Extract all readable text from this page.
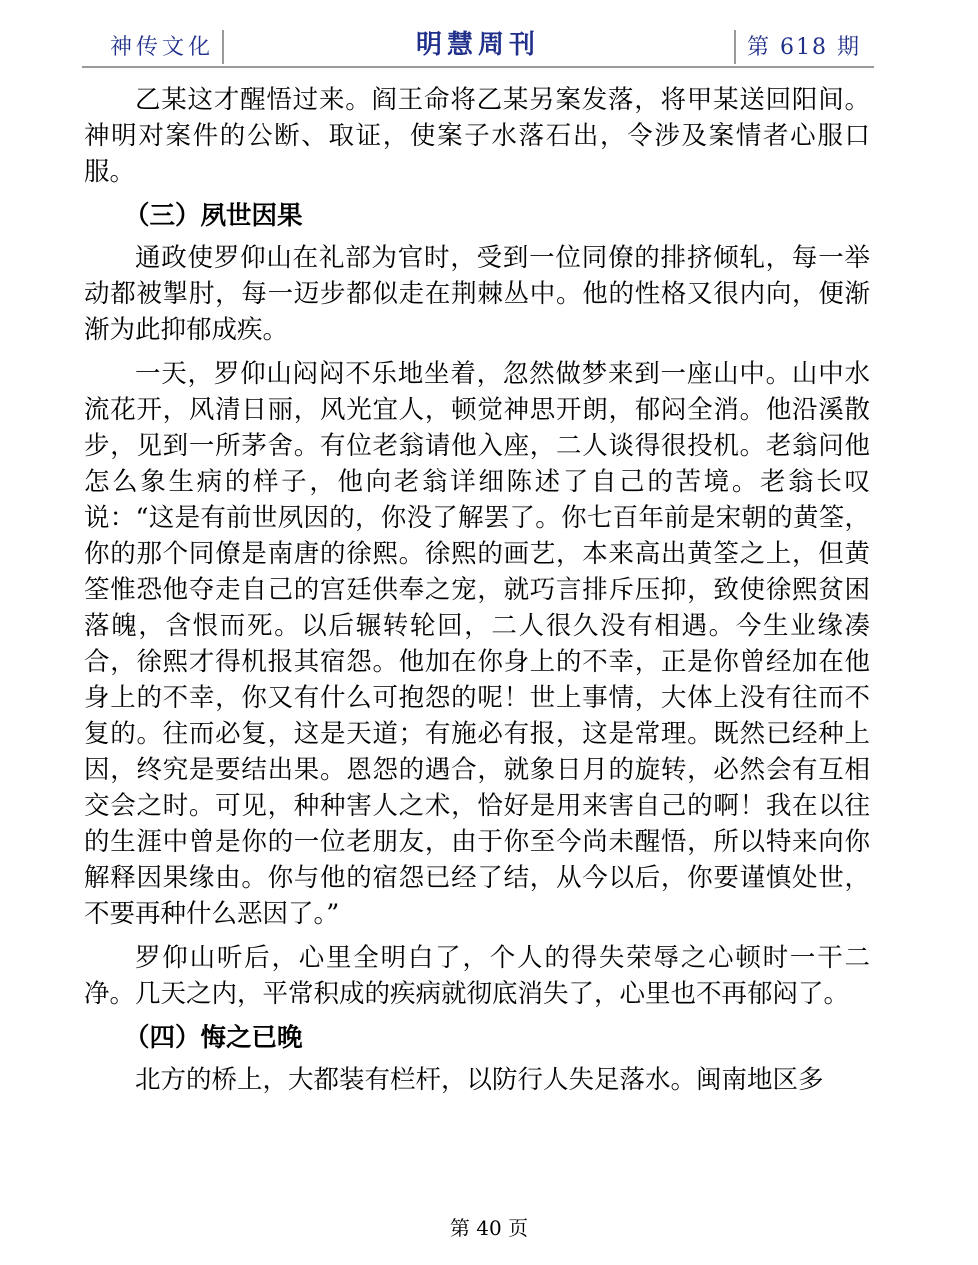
神传文化	明慧周刊	第 618 期

乙某这才醒悟过来。阎王命将乙某另案发落，将甲某送回阳间。神明对案件的公断、取证，使案子水落石出，令涉及案情者心服口服。

（三）夙世因果

通政使罗仰山在礼部为官时，受到一位同僚的排挤倾轧，每一举动都被掣肘，每一迈步都似走在荆棘丛中。他的性格又很内向，便渐渐为此抑郁成疾。

一天，罗仰山闷闷不乐地坐着，忽然做梦来到一座山中。山中水流花开，风清日丽，风光宜人，顿觉神思开朗，郁闷全消。他沿溪散步，见到一所茅舍。有位老翁请他入座，二人谈得很投机。老翁问他怎么象生病的样子，他向老翁详细陈述了自己的苦境。老翁长叹说：“这是有前世夙因的，你没了解罢了。你七百年前是宋朝的黄筌，你的那个同僚是南唐的徐熙。徐熙的画艺，本来高出黄筌之上，但黄筌惟恐他夺走自己的宫廷供奉之宠，就巧言排斥压抑，致使徐熙贫困落魄，含恨而死。以后辗转轮回，二人很久没有相遇。今生业缘凑合，徐熙才得机报其宿怨。他加在你身上的不幸，正是你曾经加在他身上的不幸，你又有什么可抱怨的呢！世上事情，大体上没有往而不复的。往而必复，这是天道；有施必有报，这是常理。既然已经种上因，终究是要结出果。恩怨的遇合，就象日月的旋转，必然会有互相交会之时。可见，种种害人之术，恰好是用来害自己的啊！我在以往的生涯中曾是你的一位老朋友，由于你至今尚未醒悟，所以特来向你解释因果缘由。你与他的宿怨已经了结，从今以后，你要谨慎处世，不要再种什么恶因了。”

罗仰山听后，心里全明白了，个人的得失荣辱之心顿时一干二净。几天之内，平常积成的疾病就彻底消失了，心里也不再郁闷了。

（四）悔之已晚

北方的桥上，大都装有栏杆，以防行人失足落水。闽南地区多

第 40 页
